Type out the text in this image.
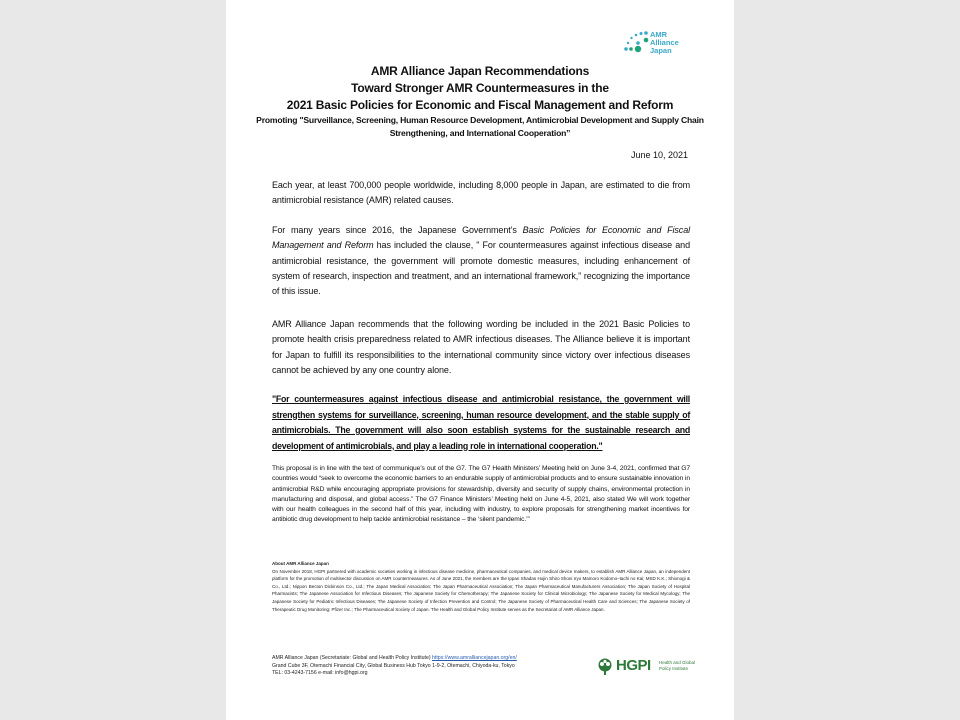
AMR
Alliance
Japan
AMR Alliance Japan Recommendations
Toward Stronger AMR Countermeasures in the
2021 Basic Policies for Economic and Fiscal Management and Reform
Promoting "Surveillance, Screening, Human Resource Development, Antimicrobial Development and Supply Chain Strengthening, and International Cooperation”
June 10, 2021
Each year, at least 700,000 people worldwide, including 8,000 people in Japan, are estimated to die from antimicrobial resistance (AMR) related causes.
For many years since 2016, the Japanese Government’s Basic Policies for Economic and Fiscal Management and Reform has included the clause, " For countermeasures against infectious disease and antimicrobial resistance, the government will promote domestic measures, including enhancement of system of research, inspection and treatment, and an international framework,” recognizing the importance of this issue.
AMR Alliance Japan recommends that the following wording be included in the 2021 Basic Policies to promote health crisis preparedness related to AMR infectious diseases. The Alliance believe it is important for Japan to fulfill its responsibilities to the international community since victory over infectious diseases cannot be achieved by any one country alone.
"For countermeasures against infectious disease and antimicrobial resistance, the government will strengthen systems for surveillance, screening, human resource development, and the stable supply of antimicrobials. The government will also soon establish systems for the sustainable research and development of antimicrobials, and play a leading role in international cooperation."
This proposal is in line with the text of communique’s out of the G7. The G7 Health Ministers’ Meeting held on June 3-4, 2021, confirmed that G7 countries would “seek to overcome the economic barriers to an endurable supply of antimicrobial products and to ensure sustainable innovation in antimicrobial R&D while encouraging appropriate provisions for stewardship, diversity and security of supply chains, environmental protection in manufacturing and disposal, and global access.” The G7 Finance Ministers’ Meeting held on June 4-5, 2021, also stated We will work together with our health colleagues in the second half of this year, including with industry, to explore proposals for strengthening market incentives for antibiotic drug development to help tackle antimicrobial resistance – the ‘silent pandemic.’”
About AMR Alliance Japan
On November 2018, HGPI partnered with academic societies working in infectious disease medicine, pharmaceutical companies, and medical device makers, to establish AMR Alliance Japan, an independent platform for the promotion of multisector discussion on AMR countermeasures. As of June 2021, the members are the Ippan Shadan Hojin Shiro Shoni Iryo Mamoro Kodomo–tachi no Kai; MSD K.K.; Shionogi & Co., Ltd.; Nippon Becton Dickinson Co., Ltd.; The Japan Medical Association; The Japan Pharmaceutical Association; The Japan Pharmaceutical Manufacturers Association; The Japan Society of Hospital Pharmacists; The Japanese Association for Infectious Diseases; The Japanese Society for Chemotherapy; The Japanese Society for Clinical Microbiology; The Japanese Society for Medical Mycology; The Japanese Society for Pediatric Infectious Diseases; The Japanese Society of Infection Prevention and Control; The Japanese Society of Pharmaceutical Health Care and Sciences; The Japanese Society of Therapeutic Drug Monitoring; Pfizer Inc.; The Pharmaceutical Society of Japan. The Health and Global Policy Institute serves as the Secretariat of AMR Alliance Japan.
AMR Alliance Japan (Secretariate: Global and Health Policy Institute) https://www.amralliancejapan.org/en/
Grand Cube 3F, Otemachi Financial City, Global Business Hub Tokyo 1-9-2, Otemachi, Chiyoda-ku, Tokyo
TEL: 03-4243-7156 e-mail: info@hgpi.org	HGPI Health and Global Policy Institute
